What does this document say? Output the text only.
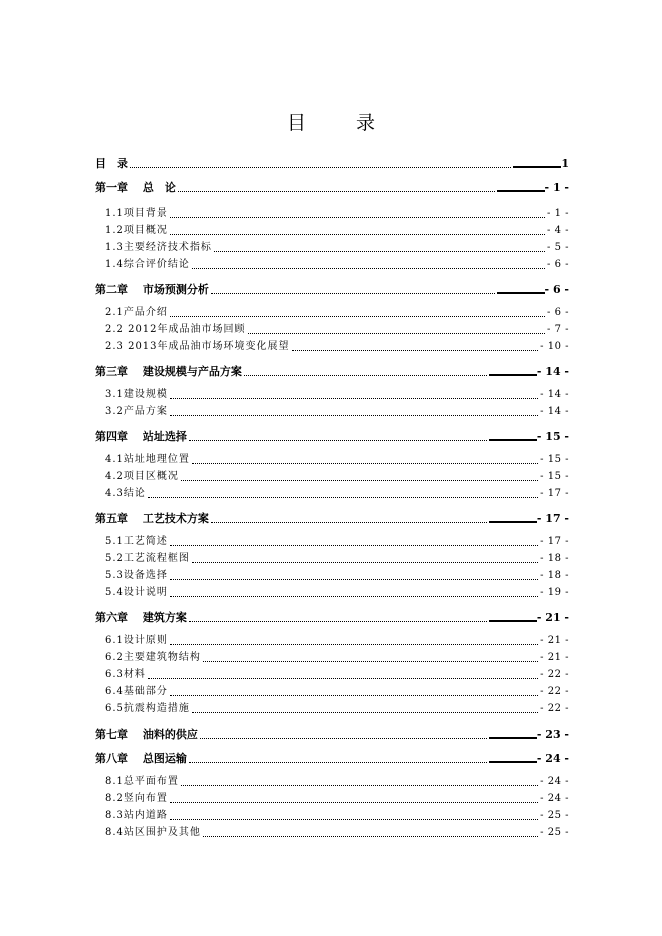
目 录
目　录	1
第一章　 总　论	- 1 -
1.1项目背景	- 1 -
1.2项目概况	- 4 -
1.3主要经济技术指标	- 5 -
1.4综合评价结论	- 6 -
第二章　 市场预测分析	- 6 -
2.1产品介绍	- 6 -
2.2 2012年成品油市场回顾	- 7 -
2.3 2013年成品油市场环境变化展望	- 10 -
第三章　 建设规模与产品方案	- 14 -
3.1建设规模	- 14 -
3.2产品方案	- 14 -
第四章　 站址选择	- 15 -
4.1站址地理位置	- 15 -
4.2项目区概况	- 15 -
4.3结论	- 17 -
第五章　 工艺技术方案	- 17 -
5.1工艺简述	- 17 -
5.2工艺流程框图	- 18 -
5.3设备选择	- 18 -
5.4设计说明	- 19 -
第六章　 建筑方案	- 21 -
6.1设计原则	- 21 -
6.2主要建筑物结构	- 21 -
6.3材料	- 22 -
6.4基础部分	- 22 -
6.5抗震构造措施	- 22 -
第七章　 油料的供应	- 23 -
第八章　 总图运输	- 24 -
8.1总平面布置	- 24 -
8.2竖向布置	- 24 -
8.3站内道路	- 25 -
8.4站区围护及其他	- 25 -
